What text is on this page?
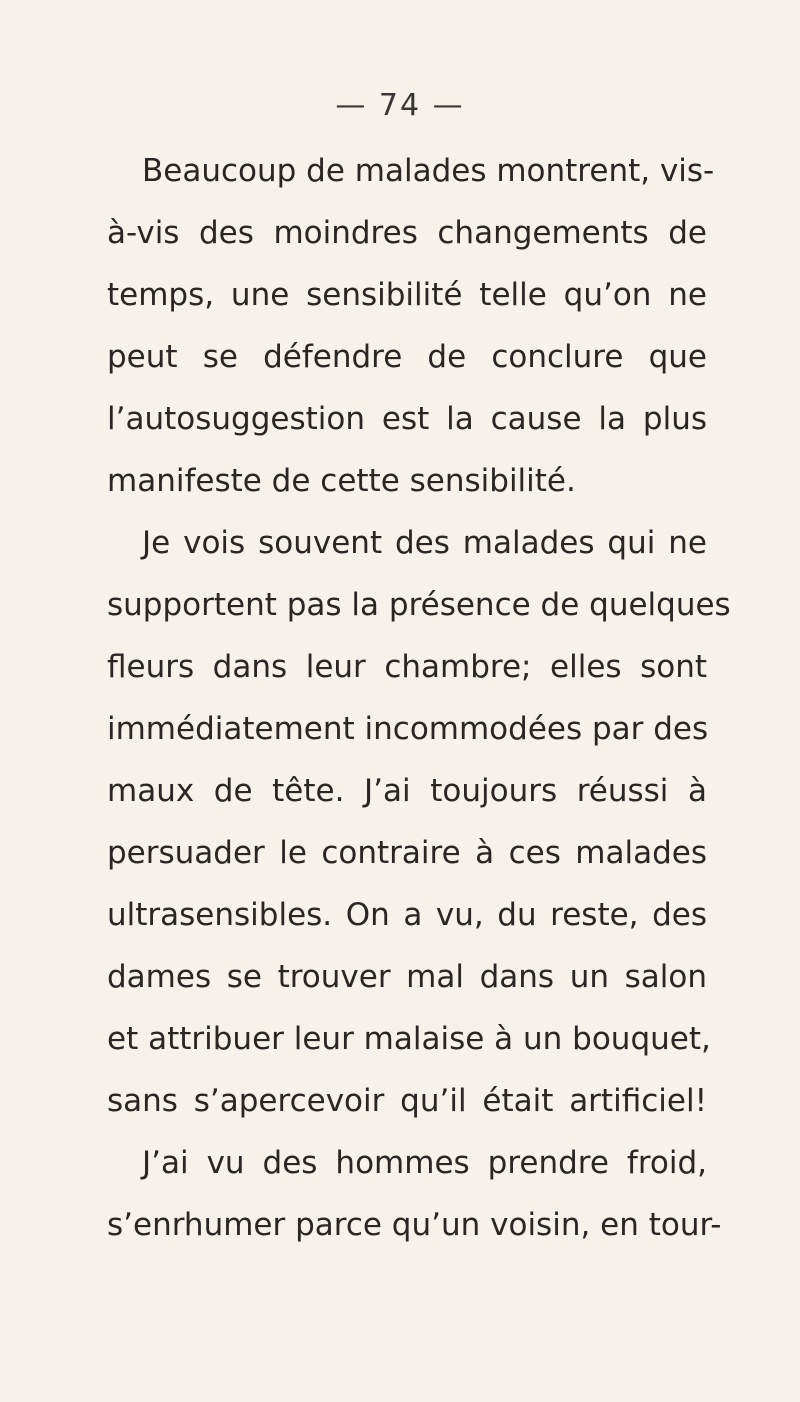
— 74 —
Beaucoup de malades montrent, vis-
à-vis des moindres changements de
temps, une sensibilité telle qu’on ne
peut se défendre de conclure que
l’autosuggestion est la cause la plus
manifeste de cette sensibilité.
Je vois souvent des malades qui ne
supportent pas la présence de quelques
fleurs dans leur chambre; elles sont
immédiatement incommodées par des
maux de tête. J’ai toujours réussi à
persuader le contraire à ces malades
ultrasensibles. On a vu, du reste, des
dames se trouver mal dans un salon
et attribuer leur malaise à un bouquet,
sans s’apercevoir qu’il était artificiel!
J’ai vu des hommes prendre froid,
s’enrhumer parce qu’un voisin, en tour-
